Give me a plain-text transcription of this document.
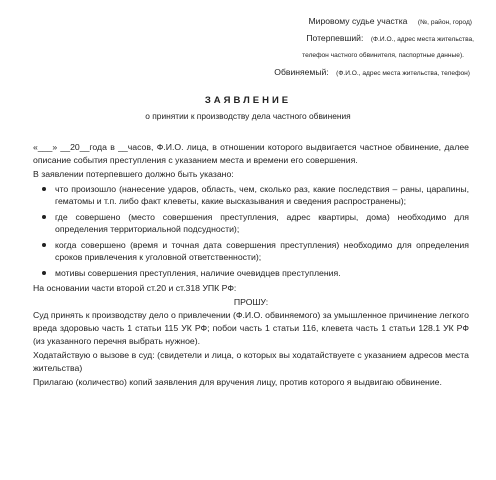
Мировому судье участка (№, район, город)
Потерпевший: (Ф.И.О., адрес места жительства,
телефон частного обвинителя, паспортные данные).
Обвиняемый: (Ф.И.О., адрес места жительства, телефон)
ЗАЯВЛЕНИЕ
о принятии к производству дела частного обвинения

«___» __20__года в __часов, Ф.И.О. лица, в отношении которого выдвигается частное обвинение, далее описание события преступления с указанием места и времени его совершения.

В заявлении потерпевшего должно быть указано:

что произошло (нанесение ударов, область, чем, сколько раз, какие последствия – раны, царапины, гематомы и т.п. либо факт клеветы, какие высказывания и сведения распространены);
где совершено (место совершения преступления, адрес квартиры, дома) необходимо для определения территориальной подсудности);
когда совершено (время и точная дата совершения преступления) необходимо для определения сроков привлечения к уголовной ответственности);
мотивы совершения преступления, наличие очевидцев преступления.

На основании части второй ст.20 и ст.318 УПК РФ:

ПРОШУ:

Суд принять к производству дело о привлечении (Ф.И.О. обвиняемого) за умышленное причинение легкого вреда здоровью часть 1 статьи 115 УК РФ; побои часть 1 статьи 116, клевета часть 1 статьи 128.1 УК РФ (из указанного перечня выбрать нужное).

Ходатайствую о вызове в суд: (свидетели и лица, о которых вы ходатайствуете с указанием адресов места жительства)

Прилагаю (количество) копий заявления для вручения лицу, против которого я выдвигаю обвинение.
